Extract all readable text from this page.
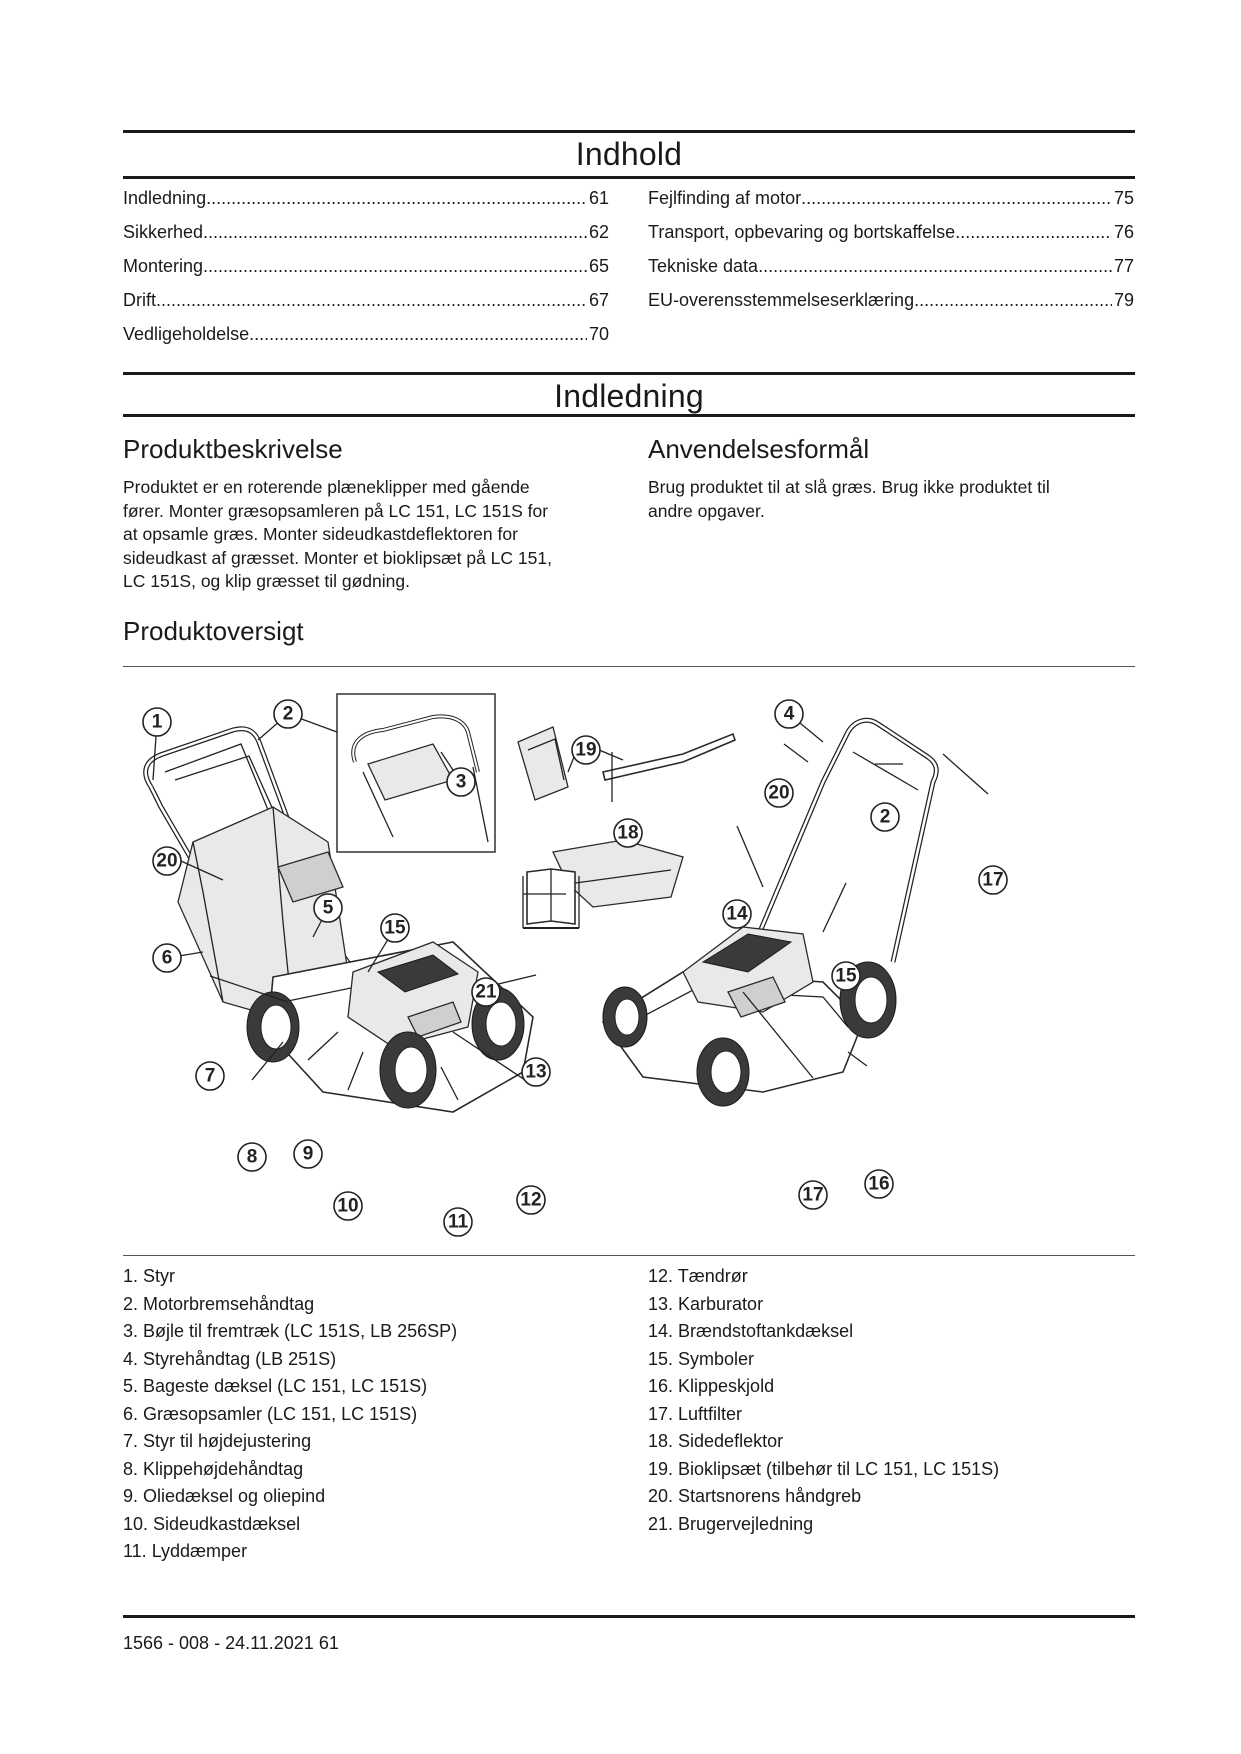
Indhold
Indledning .....	61
Sikkerhed .....	62
Montering .....	65
Drift .....	67
Vedligeholdelse .....	70
Fejlfinding af motor .....	75
Transport, opbevaring og bortskaffelse .....	76
Tekniske data .....	77
EU-overensstemmelseserklæring .....	79
Indledning
Produktbeskrivelse

Produktet er en roterende plæneklipper med gående
fører. Monter græsopsamleren på LC 151, LC 151S for
at opsamle græs. Monter sideudkastdeflektoren for
sideudkast af græsset. Monter et bioklipsæt på LC 151,
LC 151S, og klip græsset til gødning.

Anvendelsesformål

Brug produktet til at slå græs. Brug ikke produktet til
andre opgaver.

Produktoversigt
1	2
3
4
5
6
7
8 9
10
11
12
13
14
15
15
16
17
17
18
19
20
20
21
2
1. Styr
2. Motorbremsehåndtag
3. Bøjle til fremtræk (LC 151S, LB 256SP)
4. Styrehåndtag (LB 251S)
5. Bageste dæksel (LC 151, LC 151S)
6. Græsopsamler (LC 151, LC 151S)
7. Styr til højdejustering
8. Klippehøjdehåndtag
9. Oliedæksel og oliepind
10. Sideudkastdæksel
11. Lyddæmper
12. Tændrør
13. Karburator
14. Brændstoftankdæksel
15. Symboler
16. Klippeskjold
17. Luftfilter
18. Sidedeflektor
19. Bioklipsæt (tilbehør til LC 151, LC 151S)
20. Startsnorens håndgreb
21. Brugervejledning
1566 - 008 - 24.11.2021 61
